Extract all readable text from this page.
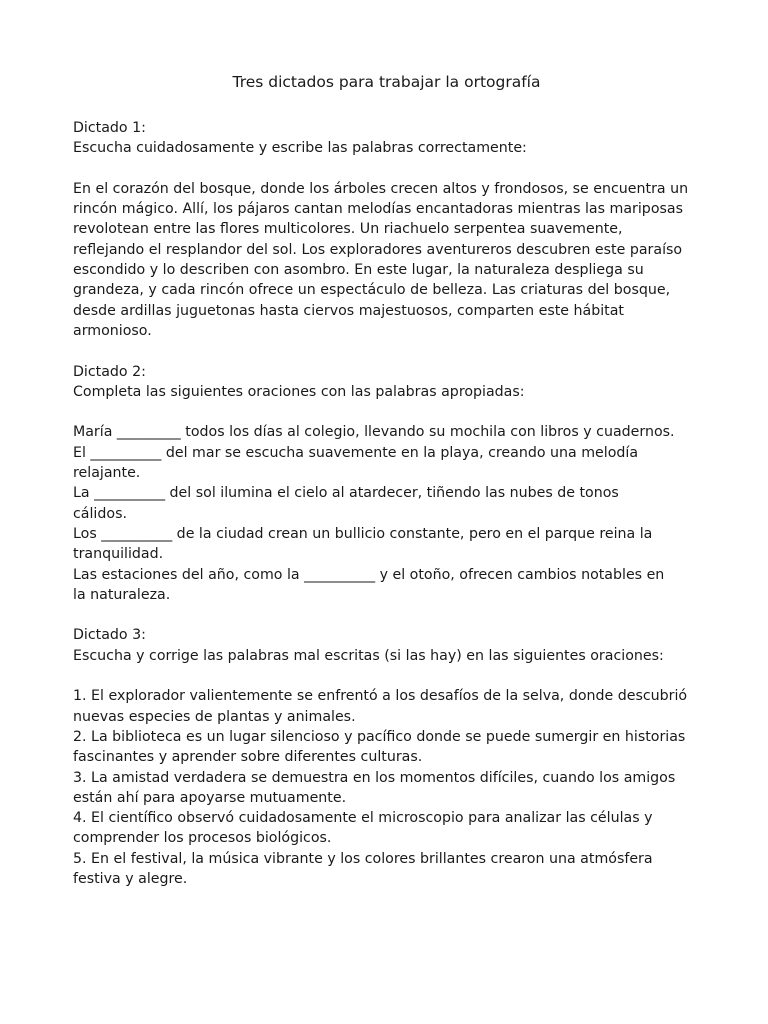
Tres dictados para trabajar la ortografía
Dictado 1:
Escucha cuidadosamente y escribe las palabras correctamente:
En el corazón del bosque, donde los árboles crecen altos y frondosos, se encuentra un
rincón mágico. Allí, los pájaros cantan melodías encantadoras mientras las mariposas
revolotean entre las flores multicolores. Un riachuelo serpentea suavemente,
reflejando el resplandor del sol. Los exploradores aventureros descubren este paraíso
escondido y lo describen con asombro. En este lugar, la naturaleza despliega su
grandeza, y cada rincón ofrece un espectáculo de belleza. Las criaturas del bosque,
desde ardillas juguetonas hasta ciervos majestuosos, comparten este hábitat
armonioso.
Dictado 2:
Completa las siguientes oraciones con las palabras apropiadas:
María _________ todos los días al colegio, llevando su mochila con libros y cuadernos.
El __________ del mar se escucha suavemente en la playa, creando una melodía
relajante.
La __________ del sol ilumina el cielo al atardecer, tiñendo las nubes de tonos
cálidos.
Los __________ de la ciudad crean un bullicio constante, pero en el parque reina la
tranquilidad.
Las estaciones del año, como la __________ y el otoño, ofrecen cambios notables en
la naturaleza.
Dictado 3:
Escucha y corrige las palabras mal escritas (si las hay) en las siguientes oraciones:
1. El explorador valientemente se enfrentó a los desafíos de la selva, donde descubrió
nuevas especies de plantas y animales.
2. La biblioteca es un lugar silencioso y pacífico donde se puede sumergir en historias
fascinantes y aprender sobre diferentes culturas.
3. La amistad verdadera se demuestra en los momentos difíciles, cuando los amigos
están ahí para apoyarse mutuamente.
4. El científico observó cuidadosamente el microscopio para analizar las células y
comprender los procesos biológicos.
5. En el festival, la música vibrante y los colores brillantes crearon una atmósfera
festiva y alegre.
